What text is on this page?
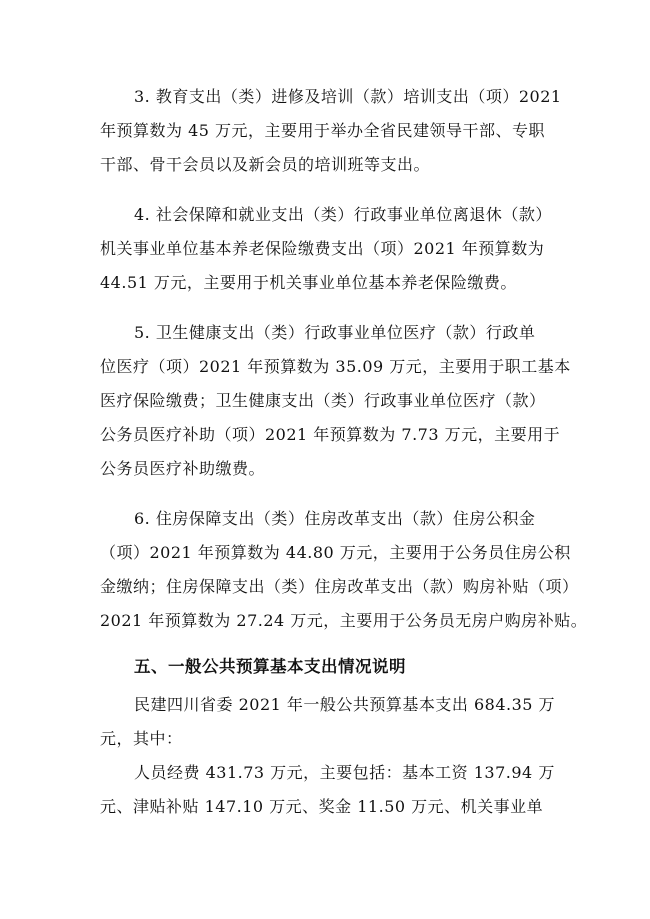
3. 教育支出（类）进修及培训（款）培训支出（项）2021
年预算数为 45 万元，主要用于举办全省民建领导干部、专职
干部、骨干会员以及新会员的培训班等支出。
4. 社会保障和就业支出（类）行政事业单位离退休（款）
机关事业单位基本养老保险缴费支出（项）2021 年预算数为
44.51 万元，主要用于机关事业单位基本养老保险缴费。
5. 卫生健康支出（类）行政事业单位医疗（款）行政单
位医疗（项）2021 年预算数为 35.09 万元，主要用于职工基本
医疗保险缴费；卫生健康支出（类）行政事业单位医疗（款）
公务员医疗补助（项）2021 年预算数为 7.73 万元，主要用于
公务员医疗补助缴费。
6. 住房保障支出（类）住房改革支出（款）住房公积金
（项）2021 年预算数为 44.80 万元，主要用于公务员住房公积
金缴纳；住房保障支出（类）住房改革支出（款）购房补贴（项）
2021 年预算数为 27.24 万元，主要用于公务员无房户购房补贴。
五、一般公共预算基本支出情况说明
民建四川省委 2021 年一般公共预算基本支出 684.35 万
元，其中：
人员经费 431.73 万元，主要包括：基本工资 137.94 万
元、津贴补贴 147.10 万元、奖金 11.50 万元、机关事业单
